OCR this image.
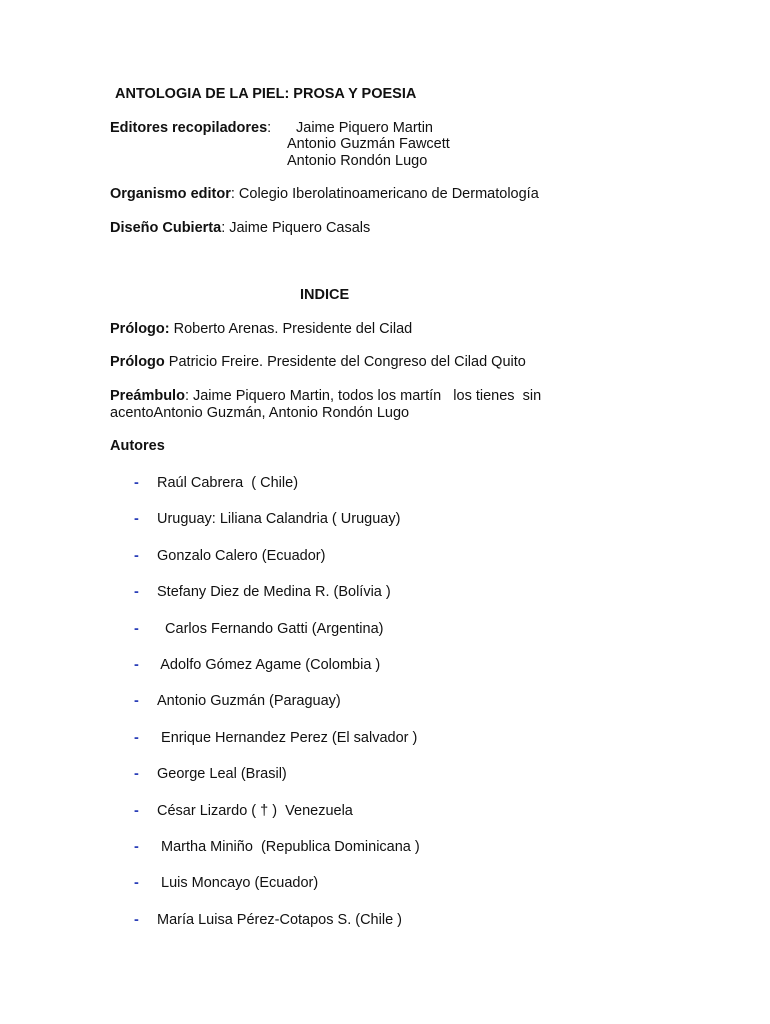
ANTOLOGIA DE LA PIEL: PROSA Y POESIA
Editores recopiladores: Jaime Piquero Martin
Antonio Guzmán Fawcett
Antonio Rondón Lugo
Organismo editor: Colegio Iberolatinoamericano de Dermatología
Diseño Cubierta: Jaime Piquero Casals
INDICE
Prólogo: Roberto Arenas. Presidente del Cilad
Prólogo Patricio Freire. Presidente del Congreso del Cilad Quito
Preámbulo: Jaime Piquero Martin, todos los martín   los tienes  sin
acentoAntonio Guzmán, Antonio Rondón Lugo
Autores
- Raúl Cabrera  ( Chile)
- Uruguay: Liliana Calandria ( Uruguay)
- Gonzalo Calero (Ecuador)
- Stefany Diez de Medina R. (Bolívia )
- Carlos Fernando Gatti (Argentina)
- Adolfo Gómez Agame (Colombia )
- Antonio Guzmán (Paraguay)
- Enrique Hernandez Perez (El salvador )
- George Leal (Brasil)
- César Lizardo ( † )  Venezuela
- Martha Miniño  (Republica Dominicana )
- Luis Moncayo (Ecuador)
- María Luisa Pérez-Cotapos S. (Chile )
